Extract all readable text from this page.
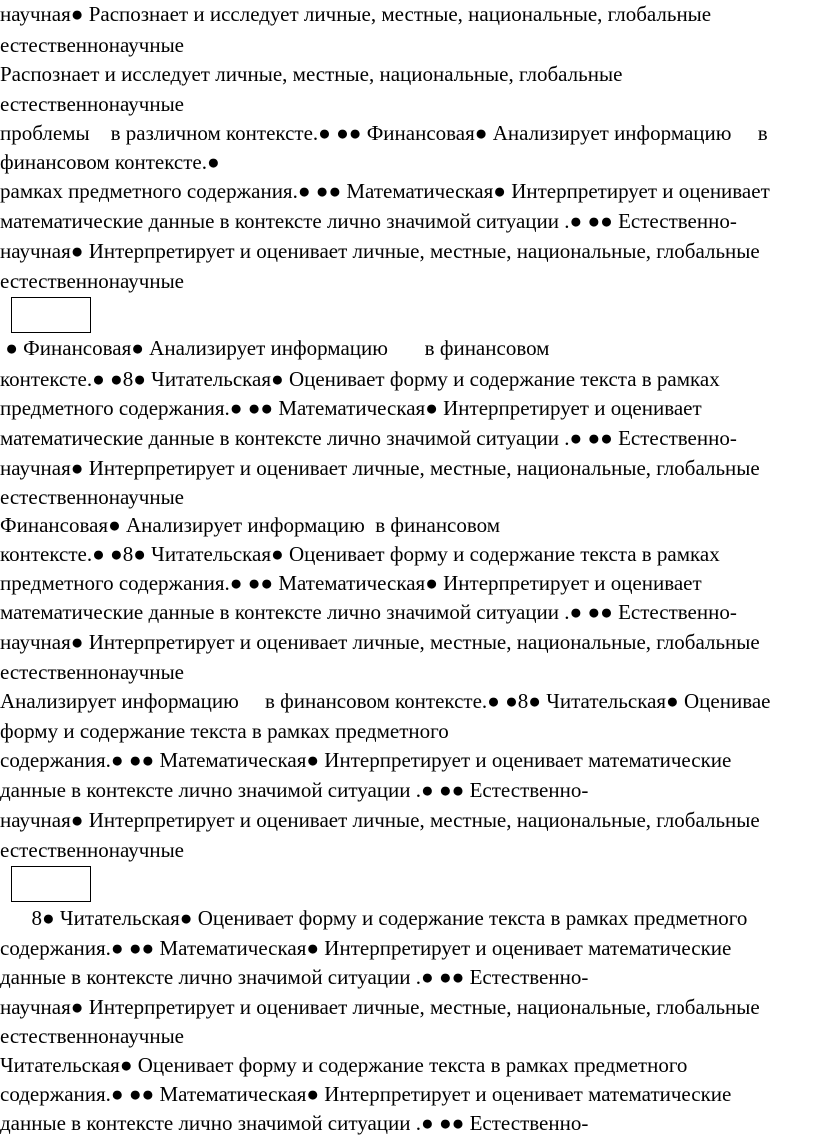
научная● Распознает и исследует личные, местные, национальные, глобальные
естественнонаучные
Распознает и исследует личные, местные, национальные, глобальные
естественнонаучные
проблемы    в различном контексте.● ●● Финансовая● Анализирует информацию     в
финансовом контексте.●
рамках предметного содержания.● ●● Математическая● Интерпретирует и оценивает
математические данные в контексте лично значимой ситуации .● ●● Естественно-
научная● Интерпретирует и оценивает личные, местные, национальные, глобальные
естественнонаучные
● Финансовая● Анализирует информацию       в финансовом
контексте.● ●8● Читательская● Оценивает форму и содержание текста в рамках
предметного содержания.● ●● Математическая● Интерпретирует и оценивает
математические данные в контексте лично значимой ситуации .● ●● Естественно-
научная● Интерпретирует и оценивает личные, местные, национальные, глобальные
естественнонаучные
Финансовая● Анализирует информацию  в финансовом
контексте.● ●8● Читательская● Оценивает форму и содержание текста в рамках
предметного содержания.● ●● Математическая● Интерпретирует и оценивает
математические данные в контексте лично значимой ситуации .● ●● Естественно-
научная● Интерпретирует и оценивает личные, местные, национальные, глобальные
естественнонаучные
Анализирует информацию     в финансовом контексте.● ●8● Читательская● Оценивае
форму и содержание текста в рамках предметного
содержания.● ●● Математическая● Интерпретирует и оценивает математические
данные в контексте лично значимой ситуации .● ●● Естественно-
научная● Интерпретирует и оценивает личные, местные, национальные, глобальные
естественнонаучные
8● Читательская● Оценивает форму и содержание текста в рамках предметного
содержания.● ●● Математическая● Интерпретирует и оценивает математические
данные в контексте лично значимой ситуации .● ●● Естественно-
научная● Интерпретирует и оценивает личные, местные, национальные, глобальные
естественнонаучные
Читательская● Оценивает форму и содержание текста в рамках предметного
содержания.● ●● Математическая● Интерпретирует и оценивает математические
данные в контексте лично значимой ситуации .● ●● Естественно-
